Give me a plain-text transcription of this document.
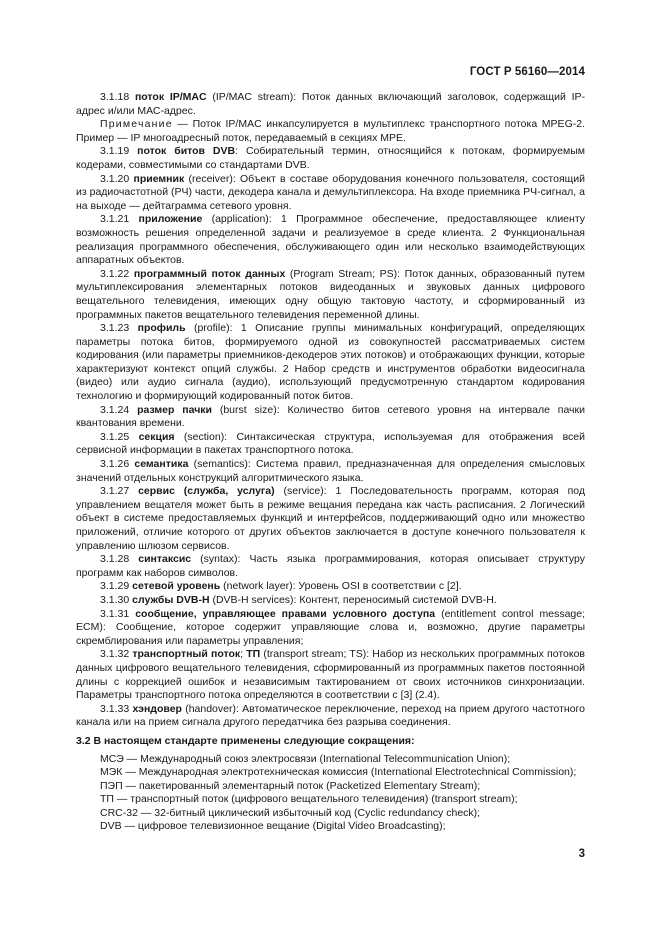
ГОСТ Р 56160—2014

3.1.18 поток IP/MAC (IP/MAC stream): Поток данных включающий заголовок, содержащий IP-адрес и/или МАС-адрес.

Примечание — Поток IP/MAC инкапсулируется в мультиплекс транспортного потока MPEG-2. Пример — IP многоадресный поток, передаваемый в секциях MPE.

3.1.19 поток битов DVB: Собирательный термин, относящийся к потокам, формируемым кодерами, совместимыми со стандартами DVB.

3.1.20 приемник (receiver): Объект в составе оборудования конечного пользователя, состоящий из радиочастотной (РЧ) части, декодера канала и демультиплексора. На входе приемника РЧ-сигнал, а на выходе — дейтаграмма сетевого уровня.

3.1.21 приложение (application): 1 Программное обеспечение, предоставляющее клиенту возможность решения определенной задачи и реализуемое в среде клиента. 2 Функциональная реализация программного обеспечения, обслуживающего один или несколько взаимодействующих аппаратных объектов.

3.1.22 программный поток данных (Program Stream; PS): Поток данных, образованный путем мультиплексирования элементарных потоков видеоданных и звуковых данных цифрового вещательного телевидения, имеющих одну общую тактовую частоту, и сформированный из программных пакетов вещательного телевидения переменной длины.

3.1.23 профиль (profile): 1 Описание группы минимальных конфигураций, определяющих параметры потока битов, формируемого одной из совокупностей рассматриваемых систем кодирования (или параметры приемников-декодеров этих потоков) и отображающих функции, которые характеризуют контекст опций службы. 2 Набор средств и инструментов обработки видеосигнала (видео) или аудио сигнала (аудио), использующий предусмотренную стандартом кодирования технологию и формирующий кодированный поток битов.

3.1.24 размер пачки (burst size): Количество битов сетевого уровня на интервале пачки квантования времени.

3.1.25 секция (section): Синтаксическая структура, используемая для отображения всей сервисной информации в пакетах транспортного потока.

3.1.26 семантика (semantics): Система правил, предназначенная для определения смысловых значений отдельных конструкций алгоритмического языка.

3.1.27 сервис (служба, услуга) (service): 1 Последовательность программ, которая под управлением вещателя может быть в режиме вещания передана как часть расписания. 2 Логический объект в системе предоставляемых функций и интерфейсов, поддерживающий одно или множество приложений, отличие которого от других объектов заключается в доступе конечного пользователя к управлению шлюзом сервисов.

3.1.28 синтаксис (syntax): Часть языка программирования, которая описывает структуру программ как наборов символов.

3.1.29 сетевой уровень (network layer): Уровень OSI в соответствии с [2].

3.1.30 службы DVB-H (DVB-H services): Контент, переносимый системой DVB-H.

3.1.31 сообщение, управляющее правами условного доступа (entitlement control message; ECM): Сообщение, которое содержит управляющие слова и, возможно, другие параметры скремблирования или параметры управления;

3.1.32 транспортный поток; ТП (transport stream; TS): Набор из нескольких программных потоков данных цифрового вещательного телевидения, сформированный из программных пакетов постоянной длины с коррекцией ошибок и независимым тактированием от своих источников синхронизации. Параметры транспортного потока определяются в соответствии с [3] (2.4).

3.1.33 хэндовер (handover): Автоматическое переключение, переход на прием другого частотного канала или на прием сигнала другого передатчика без разрыва соединения.

3.2 В настоящем стандарте применены следующие сокращения:

МСЭ — Международный союз электросвязи (International Telecommunication Union);

МЭК — Международная электротехническая комиссия (International Electrotechnical Commission);

ПЭП — пакетированный элементарный поток (Packetized Elementary Stream);

ТП — транспортный поток (цифрового вещательного телевидения) (transport stream);

CRC-32 — 32-битный циклический избыточный код (Cyclic redundancy check);

DVB — цифровое телевизионное вещание (Digital Video Broadcasting);

3
